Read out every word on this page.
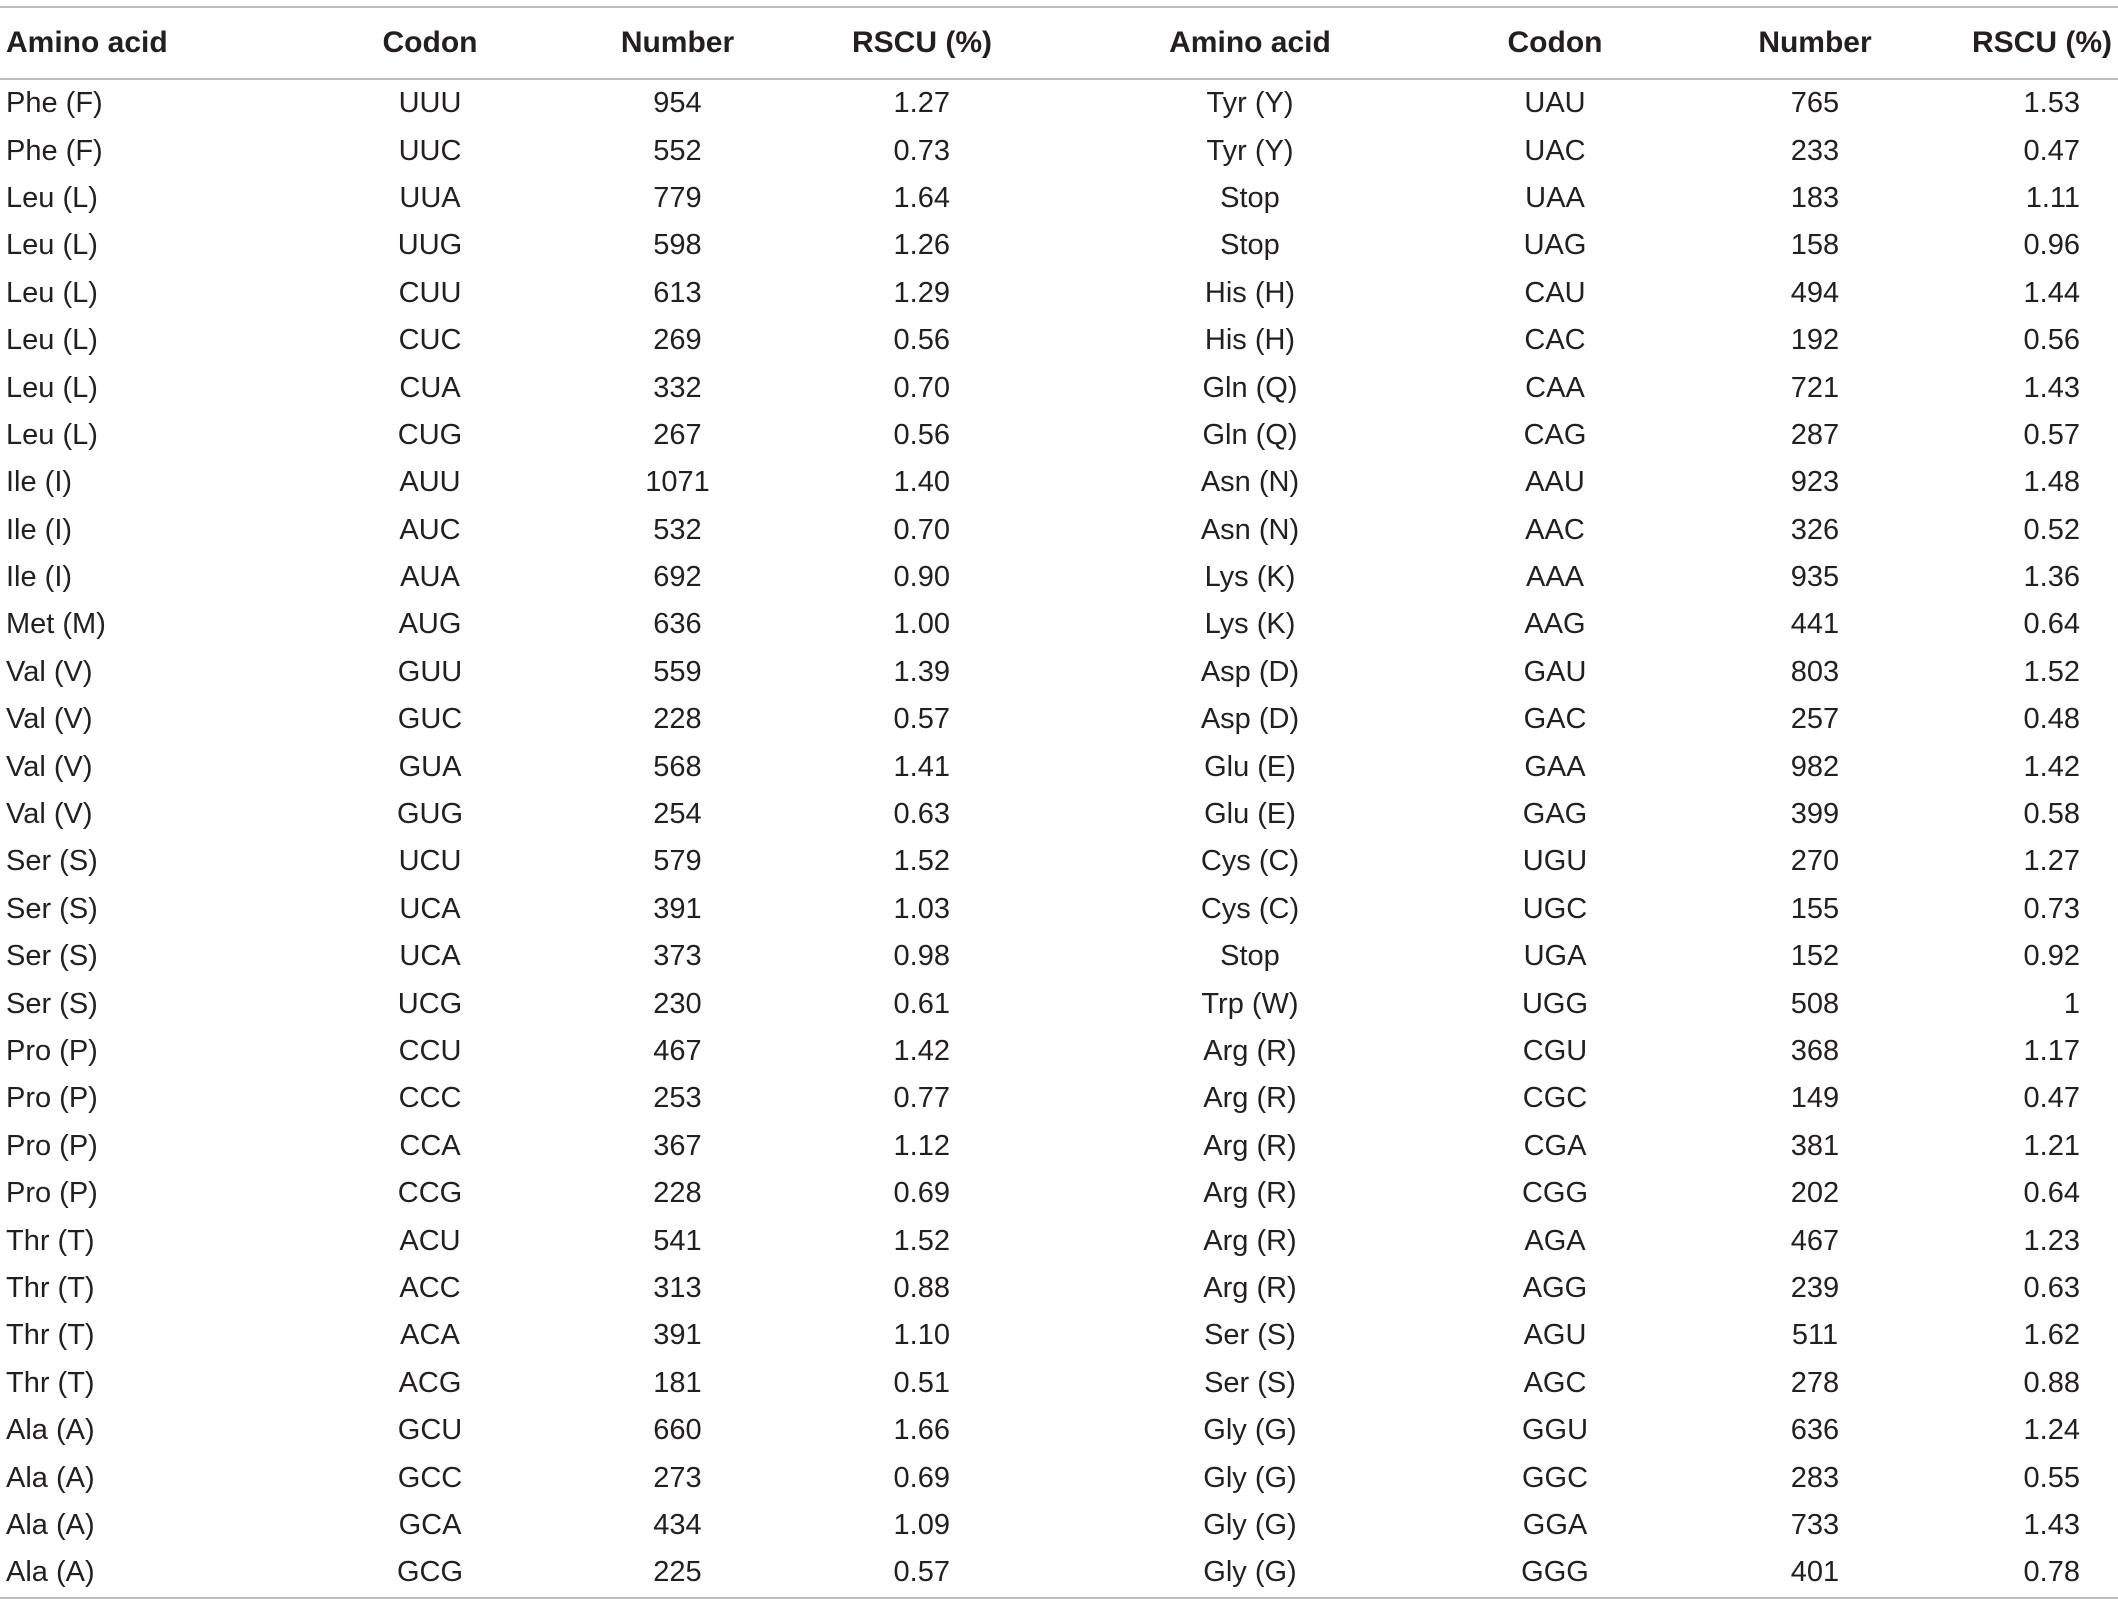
Amino acid	Codon	Number	RSCU (%)	Amino acid	Codon	Number	RSCU (%)
Phe (F)	UUU	954	1.27	Tyr (Y)	UAU	765	1.53
Phe (F)	UUC	552	0.73	Tyr (Y)	UAC	233	0.47
Leu (L)	UUA	779	1.64	Stop	UAA	183	1.11
Leu (L)	UUG	598	1.26	Stop	UAG	158	0.96
Leu (L)	CUU	613	1.29	His (H)	CAU	494	1.44
Leu (L)	CUC	269	0.56	His (H)	CAC	192	0.56
Leu (L)	CUA	332	0.70	Gln (Q)	CAA	721	1.43
Leu (L)	CUG	267	0.56	Gln (Q)	CAG	287	0.57
Ile (I)	AUU	1071	1.40	Asn (N)	AAU	923	1.48
Ile (I)	AUC	532	0.70	Asn (N)	AAC	326	0.52
Ile (I)	AUA	692	0.90	Lys (K)	AAA	935	1.36
Met (M)	AUG	636	1.00	Lys (K)	AAG	441	0.64
Val (V)	GUU	559	1.39	Asp (D)	GAU	803	1.52
Val (V)	GUC	228	0.57	Asp (D)	GAC	257	0.48
Val (V)	GUA	568	1.41	Glu (E)	GAA	982	1.42
Val (V)	GUG	254	0.63	Glu (E)	GAG	399	0.58
Ser (S)	UCU	579	1.52	Cys (C)	UGU	270	1.27
Ser (S)	UCA	391	1.03	Cys (C)	UGC	155	0.73
Ser (S)	UCA	373	0.98	Stop	UGA	152	0.92
Ser (S)	UCG	230	0.61	Trp (W)	UGG	508	1
Pro (P)	CCU	467	1.42	Arg (R)	CGU	368	1.17
Pro (P)	CCC	253	0.77	Arg (R)	CGC	149	0.47
Pro (P)	CCA	367	1.12	Arg (R)	CGA	381	1.21
Pro (P)	CCG	228	0.69	Arg (R)	CGG	202	0.64
Thr (T)	ACU	541	1.52	Arg (R)	AGA	467	1.23
Thr (T)	ACC	313	0.88	Arg (R)	AGG	239	0.63
Thr (T)	ACA	391	1.10	Ser (S)	AGU	511	1.62
Thr (T)	ACG	181	0.51	Ser (S)	AGC	278	0.88
Ala (A)	GCU	660	1.66	Gly (G)	GGU	636	1.24
Ala (A)	GCC	273	0.69	Gly (G)	GGC	283	0.55
Ala (A)	GCA	434	1.09	Gly (G)	GGA	733	1.43
Ala (A)	GCG	225	0.57	Gly (G)	GGG	401	0.78
